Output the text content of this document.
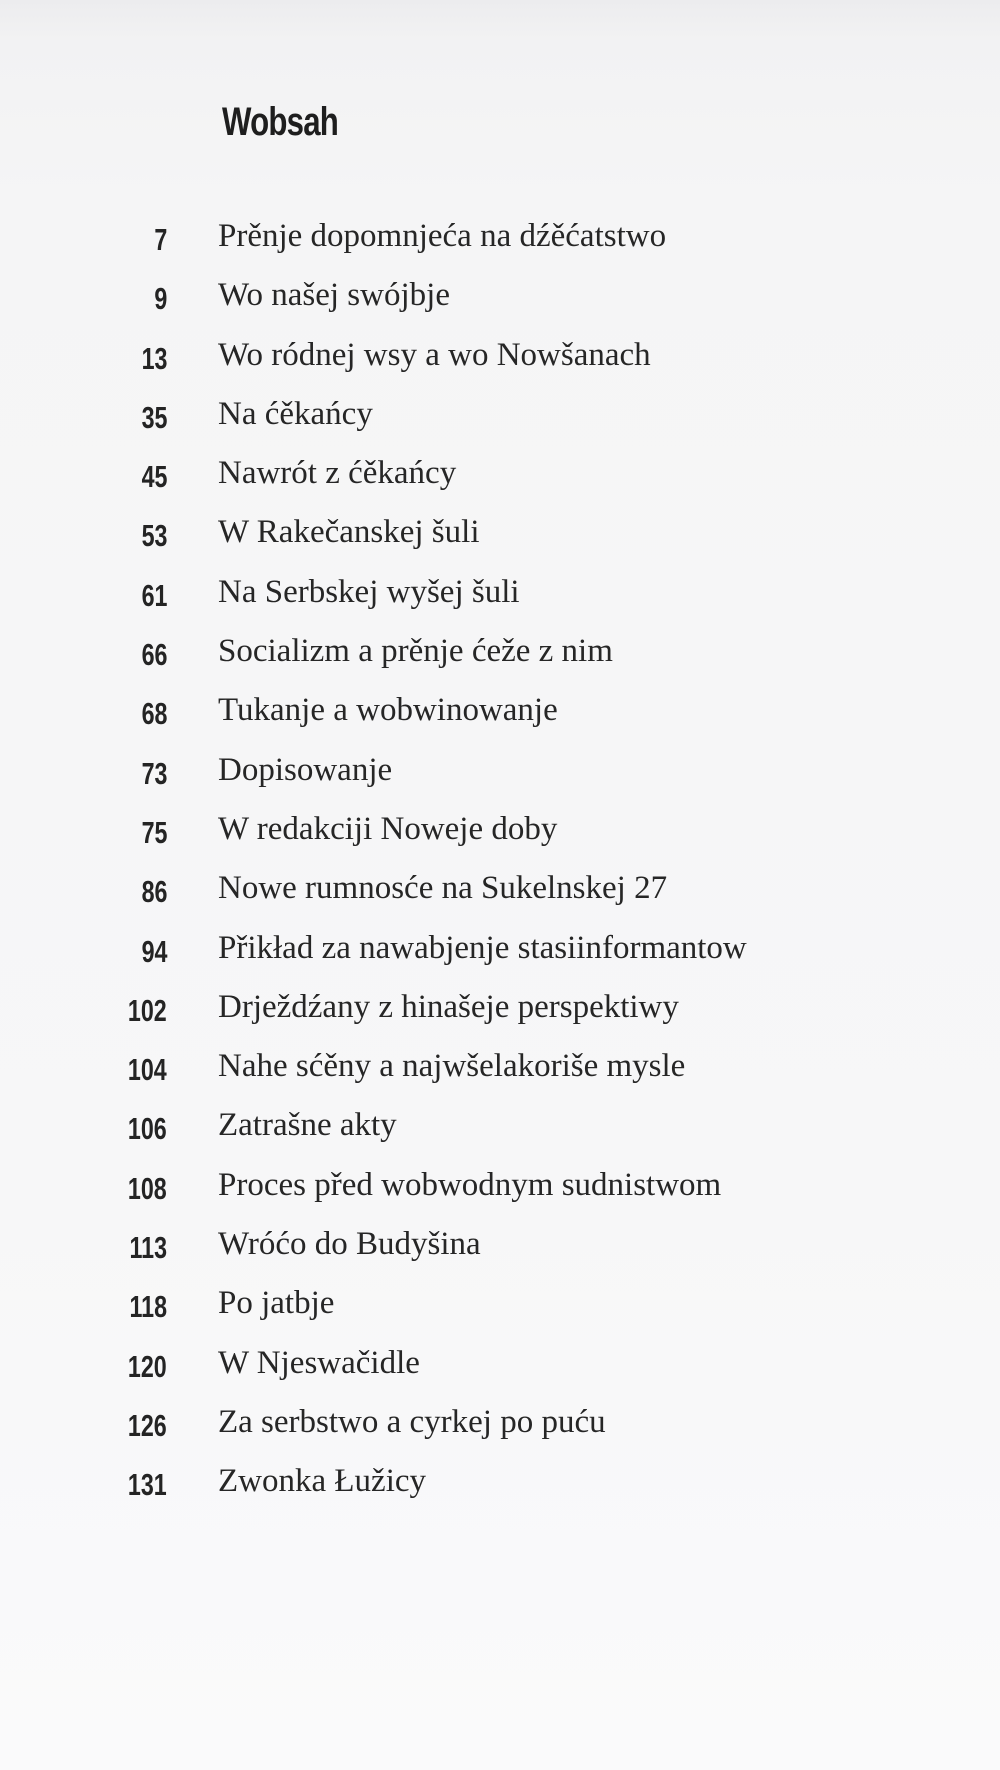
Wobsah
7 Prěnje dopomnjeća na dźěćatstwo
9 Wo našej swójbje
13 Wo ródnej wsy a wo Nowšanach
35 Na ćěkańcy
45 Nawrót z ćěkańcy
53 W Rakečanskej šuli
61 Na Serbskej wyšej šuli
66 Socializm a prěnje ćeže z nim
68 Tukanje a wobwinowanje
73 Dopisowanje
75 W redakciji Noweje doby
86 Nowe rumnosće na Sukelnskej 27
94 Přikład za nawabjenje stasiinformantow
102 Drježdźany z hinašeje perspektiwy
104 Nahe sćěny a najwšelakoriše mysle
106 Zatrašne akty
108 Proces před wobwodnym sudnistwom
113 Wróćo do Budyšina
118 Po jatbje
120 W Njeswačidle
126 Za serbstwo a cyrkej po puću
131 Zwonka Łužicy
